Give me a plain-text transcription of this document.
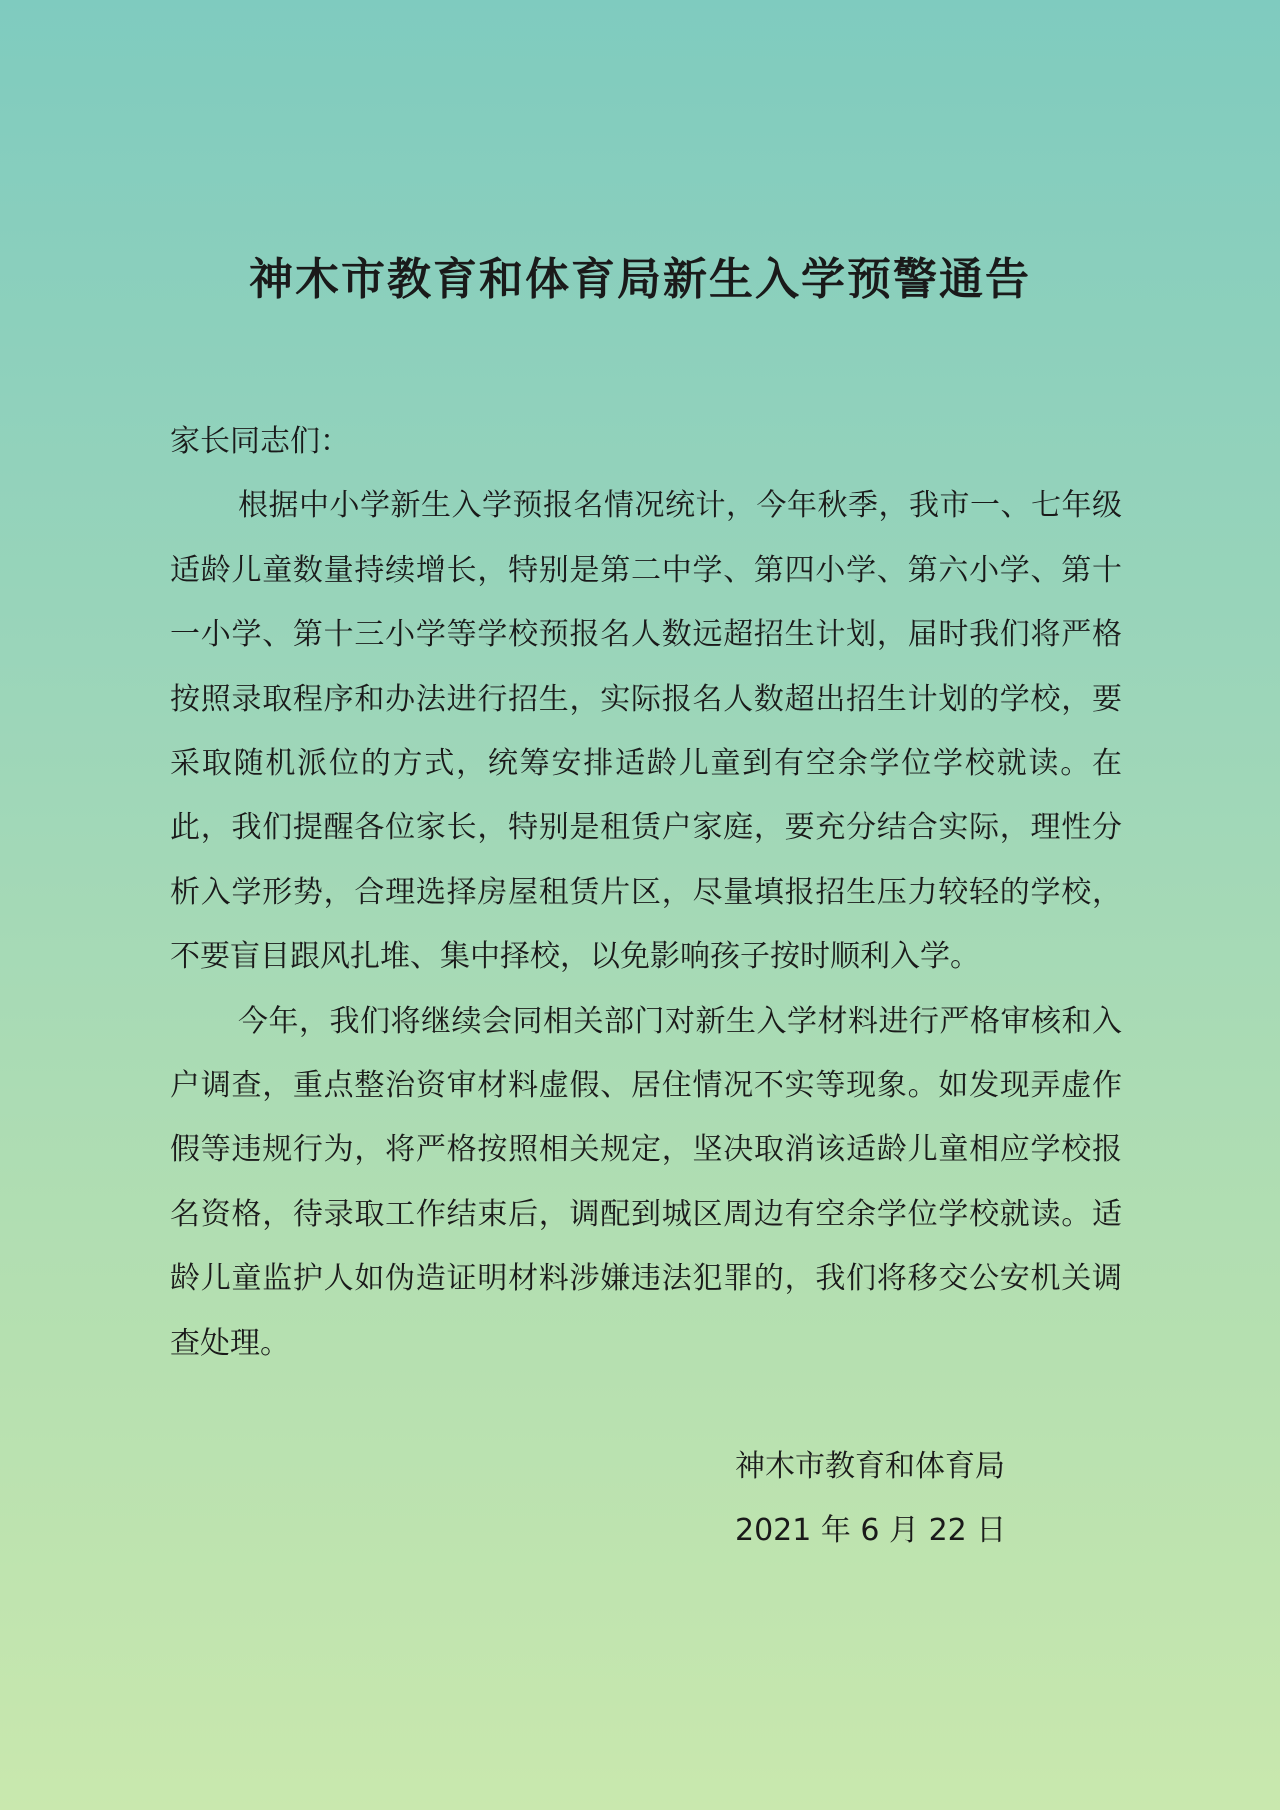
神木市教育和体育局新生入学预警通告

家长同志们：

根据中小学新生入学预报名情况统计，今年秋季，我市一、七年级适龄儿童数量持续增长，特别是第二中学、第四小学、第六小学、第十一小学、第十三小学等学校预报名人数远超招生计划，届时我们将严格按照录取程序和办法进行招生，实际报名人数超出招生计划的学校，要采取随机派位的方式，统筹安排适龄儿童到有空余学位学校就读。在此，我们提醒各位家长，特别是租赁户家庭，要充分结合实际，理性分析入学形势，合理选择房屋租赁片区，尽量填报招生压力较轻的学校，不要盲目跟风扎堆、集中择校，以免影响孩子按时顺利入学。

今年，我们将继续会同相关部门对新生入学材料进行严格审核和入户调查，重点整治资审材料虚假、居住情况不实等现象。如发现弄虚作假等违规行为，将严格按照相关规定，坚决取消该适龄儿童相应学校报名资格，待录取工作结束后，调配到城区周边有空余学位学校就读。适龄儿童监护人如伪造证明材料涉嫌违法犯罪的，我们将移交公安机关调查处理。

神木市教育和体育局
2021 年 6 月 22 日
